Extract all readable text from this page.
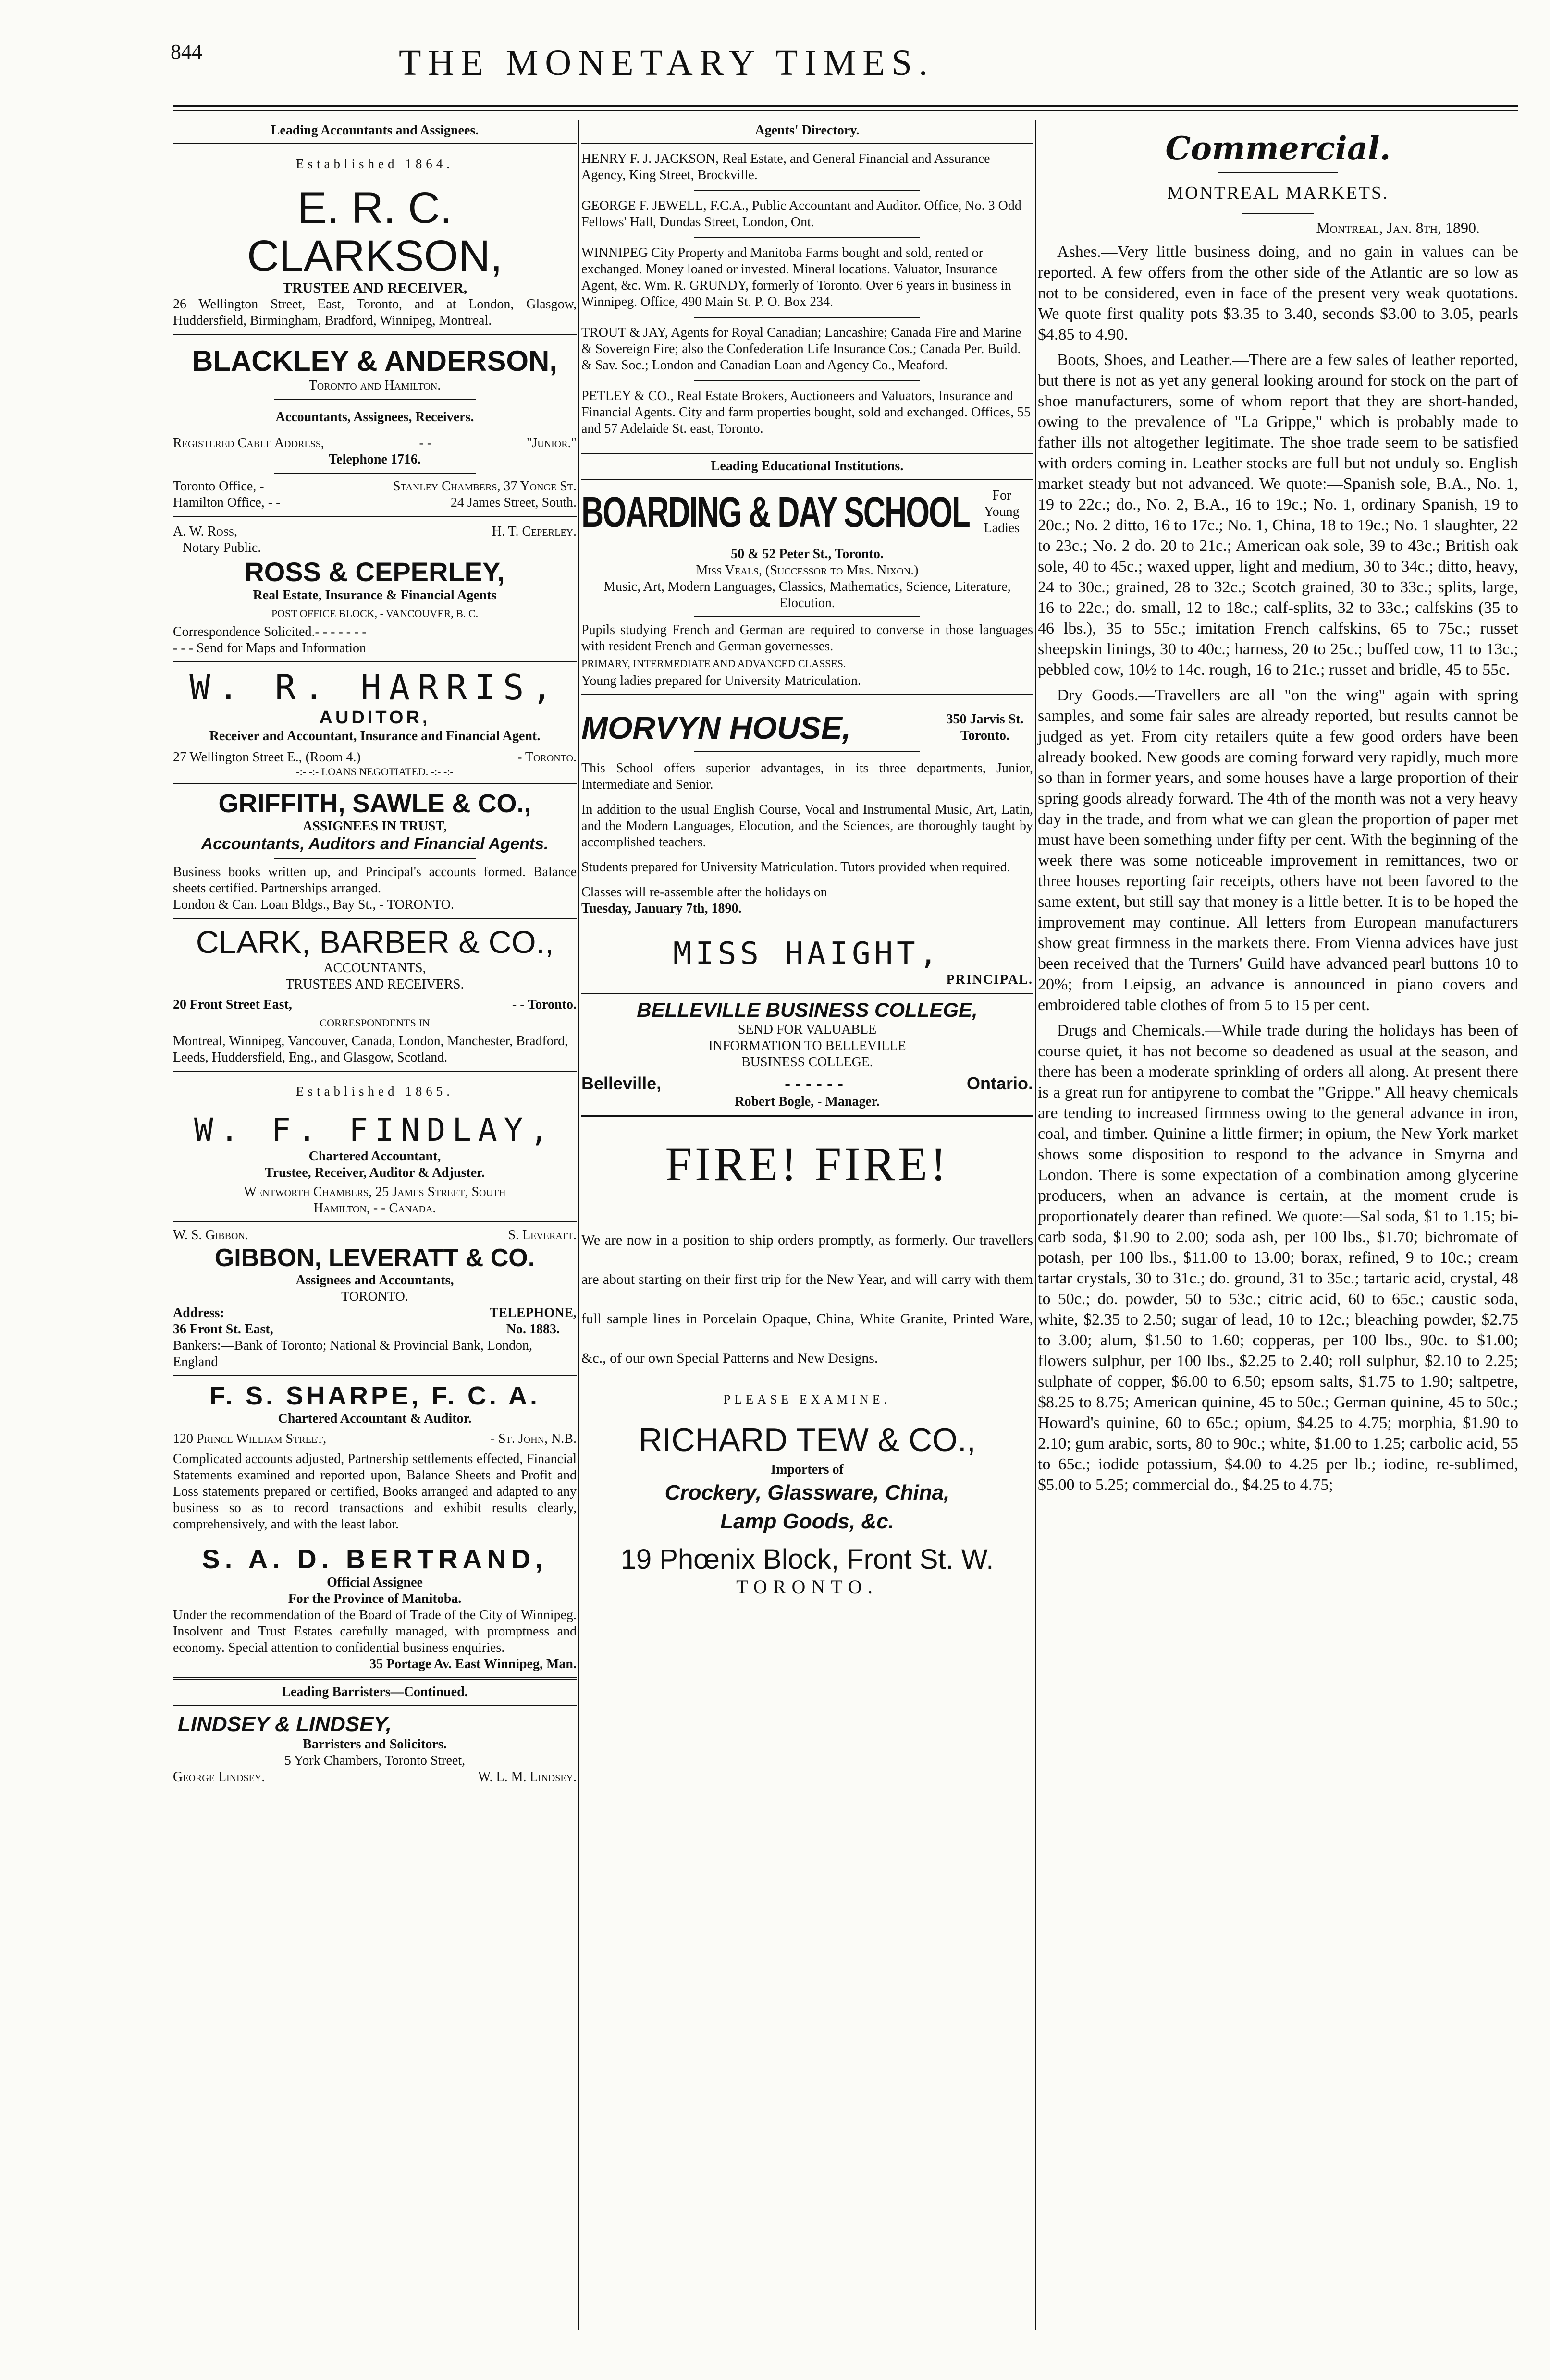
844	THE MONETARY TIMES.
Leading Accountants and Assignees.
Established 1864.
E. R. C. CLARKSON,
TRUSTEE AND RECEIVER,

26 Wellington Street, East, Toronto, and at London, Glasgow, Huddersfield, Birmingham, Bradford, Winnipeg, Montreal.

BLACKLEY & ANDERSON,
Toronto and Hamilton.
Accountants, Assignees, Receivers.
Registered Cable Address,	- -	"Junior."
Telephone 1716.
Toronto Office, -	Stanley Chambers, 37 Yonge St.
Hamilton Office, - -	24 James Street, South.
A. W. Ross,	H. T. Ceperley.
Notary Public.
ROSS & CEPERLEY,
Real Estate, Insurance & Financial Agents
POST OFFICE BLOCK, - VANCOUVER, B. C.
Correspondence Solicited.- - - - - - -
- - - Send for Maps and Information
W. R. HARRIS,
AUDITOR,
Receiver and Accountant, Insurance and Financial Agent.
27 Wellington Street E., (Room 4.)	- Toronto.
-:- -:- LOANS NEGOTIATED. -:- -:-
GRIFFITH, SAWLE & CO.,
ASSIGNEES IN TRUST,
Accountants, Auditors and Financial Agents.

Business books written up, and Principal's accounts formed. Balance sheets certified. Partnerships arranged.

London & Can. Loan Bldgs., Bay St., - TORONTO.
CLARK, BARBER & CO.,
ACCOUNTANTS,
TRUSTEES AND RECEIVERS.
20 Front Street East,	- - Toronto.
CORRESPONDENTS IN

Montreal, Winnipeg, Vancouver, Canada, London, Manchester, Bradford, Leeds, Huddersfield, Eng., and Glasgow, Scotland.

Established 1865.
W. F. FINDLAY,
Chartered Accountant,
Trustee, Receiver, Auditor & Adjuster.
Wentworth Chambers, 25 James Street, South
Hamilton, - - Canada.
W. S. Gibbon.	S. Leveratt.
GIBBON, LEVERATT & CO.
Assignees and Accountants,
TORONTO.
Address:
36 Front St. East,
TELEPHONE,
No. 1883.

Bankers:—Bank of Toronto; National & Provincial Bank, London, England

F. S. SHARPE, F. C. A.
Chartered Accountant & Auditor.
120 Prince William Street,	- St. John, N.B.

Complicated accounts adjusted, Partnership settlements effected, Financial Statements examined and reported upon, Balance Sheets and Profit and Loss statements prepared or certified, Books arranged and adapted to any business so as to record transactions and exhibit results clearly, comprehensively, and with the least labor.

S. A. D. BERTRAND,
Official Assignee
For the Province of Manitoba.

Under the recommendation of the Board of Trade of the City of Winnipeg. Insolvent and Trust Estates carefully managed, with promptness and economy. Special attention to confidential business enquiries.

35 Portage Av. East Winnipeg, Man.
Leading Barristers—Continued.
LINDSEY & LINDSEY,
Barristers and Solicitors.
5 York Chambers, Toronto Street,
George Lindsey.	W. L. M. Lindsey.
Agents' Directory.

HENRY F. J. JACKSON, Real Estate, and General Financial and Assurance Agency, King Street, Brockville.

GEORGE F. JEWELL, F.C.A., Public Accountant and Auditor. Office, No. 3 Odd Fellows' Hall, Dundas Street, London, Ont.

WINNIPEG City Property and Manitoba Farms bought and sold, rented or exchanged. Money loaned or invested. Mineral locations. Valuator, Insurance Agent, &c. Wm. R. GRUNDY, formerly of Toronto. Over 6 years in business in Winnipeg. Office, 490 Main St. P. O. Box 234.

TROUT & JAY, Agents for Royal Canadian; Lancashire; Canada Fire and Marine & Sovereign Fire; also the Confederation Life Insurance Cos.; Canada Per. Build. & Sav. Soc.; London and Canadian Loan and Agency Co., Meaford.

PETLEY & CO., Real Estate Brokers, Auctioneers and Valuators, Insurance and Financial Agents. City and farm properties bought, sold and exchanged. Offices, 55 and 57 Adelaide St. east, Toronto.

Leading Educational Institutions.
BOARDING & DAY SCHOOL	For Young Ladies
50 & 52 Peter St., Toronto.
Miss Veals, (Successor to Mrs. Nixon.)

Music, Art, Modern Languages, Classics, Mathematics, Science, Literature, Elocution.

Pupils studying French and German are required to converse in those languages with resident French and German governesses.

PRIMARY, INTERMEDIATE AND ADVANCED CLASSES.

Young ladies prepared for University Matriculation.

MORVYN HOUSE,	350 Jarvis St. Toronto.

This School offers superior advantages, in its three departments, Junior, Intermediate and Senior.

In addition to the usual English Course, Vocal and Instrumental Music, Art, Latin, and the Modern Languages, Elocution, and the Sciences, are thoroughly taught by accomplished teachers.

Students prepared for University Matriculation. Tutors provided when required.

Classes will re-assemble after the holidays on

Tuesday, January 7th, 1890.

MISS HAIGHT,
PRINCIPAL.
BELLEVILLE BUSINESS COLLEGE,
SEND FOR VALUABLE
INFORMATION TO BELLEVILLE
BUSINESS COLLEGE.
Belleville,	- - - - - -	Ontario.
Robert Bogle, - Manager.
FIRE! FIRE!

We are now in a position to ship orders promptly, as formerly. Our travellers are about starting on their first trip for the New Year, and will carry with them full sample lines in Porcelain Opaque, China, White Granite, Printed Ware, &c., of our own Special Patterns and New Designs.

PLEASE EXAMINE.
RICHARD TEW & CO.,
Importers of
Crockery, Glassware, China,
Lamp Goods, &c.
19 Phœnix Block, Front St. W.
TORONTO.
Commercial.
MONTREAL MARKETS.
Montreal, Jan. 8th, 1890.

Ashes.—Very little business doing, and no gain in values can be reported. A few offers from the other side of the Atlantic are so low as not to be considered, even in face of the present very weak quotations. We quote first quality pots $3.35 to 3.40, seconds $3.00 to 3.05, pearls $4.85 to 4.90.

Boots, Shoes, and Leather.—There are a few sales of leather reported, but there is not as yet any general looking around for stock on the part of shoe manufacturers, some of whom report that they are short-handed, owing to the prevalence of "La Grippe," which is probably made to father ills not altogether legitimate. The shoe trade seem to be satisfied with orders coming in. Leather stocks are full but not unduly so. English market steady but not advanced. We quote:—Spanish sole, B.A., No. 1, 19 to 22c.; do., No. 2, B.A., 16 to 19c.; No. 1, ordinary Spanish, 19 to 20c.; No. 2 ditto, 16 to 17c.; No. 1, China, 18 to 19c.; No. 1 slaughter, 22 to 23c.; No. 2 do. 20 to 21c.; American oak sole, 39 to 43c.; British oak sole, 40 to 45c.; waxed upper, light and medium, 30 to 34c.; ditto, heavy, 24 to 30c.; grained, 28 to 32c.; Scotch grained, 30 to 33c.; splits, large, 16 to 22c.; do. small, 12 to 18c.; calf-splits, 32 to 33c.; calfskins (35 to 46 lbs.), 35 to 55c.; imitation French calfskins, 65 to 75c.; russet sheepskin linings, 30 to 40c.; harness, 20 to 25c.; buffed cow, 11 to 13c.; pebbled cow, 10½ to 14c. rough, 16 to 21c.; russet and bridle, 45 to 55c.

Dry Goods.—Travellers are all "on the wing" again with spring samples, and some fair sales are already reported, but results cannot be judged as yet. From city retailers quite a few good orders have been already booked. New goods are coming forward very rapidly, much more so than in former years, and some houses have a large proportion of their spring goods already forward. The 4th of the month was not a very heavy day in the trade, and from what we can glean the proportion of paper met must have been something under fifty per cent. With the beginning of the week there was some noticeable improvement in remittances, two or three houses reporting fair receipts, others have not been favored to the same extent, but still say that money is a little better. It is to be hoped the improvement may continue. All letters from European manufacturers show great firmness in the markets there. From Vienna advices have just been received that the Turners' Guild have advanced pearl buttons 10 to 20%; from Leipsig, an advance is announced in piano covers and embroidered table clothes of from 5 to 15 per cent.

Drugs and Chemicals.—While trade during the holidays has been of course quiet, it has not become so deadened as usual at the season, and there has been a moderate sprinkling of orders all along. At present there is a great run for antipyrene to combat the "Grippe." All heavy chemicals are tending to increased firmness owing to the general advance in iron, coal, and timber. Quinine a little firmer; in opium, the New York market shows some disposition to respond to the advance in Smyrna and London. There is some expectation of a combination among glycerine producers, when an advance is certain, at the moment crude is proportionately dearer than refined. We quote:—Sal soda, $1 to 1.15; bi-carb soda, $1.90 to 2.00; soda ash, per 100 lbs., $1.70; bichromate of potash, per 100 lbs., $11.00 to 13.00; borax, refined, 9 to 10c.; cream tartar crystals, 30 to 31c.; do. ground, 31 to 35c.; tartaric acid, crystal, 48 to 50c.; do. powder, 50 to 53c.; citric acid, 60 to 65c.; caustic soda, white, $2.35 to 2.50; sugar of lead, 10 to 12c.; bleaching powder, $2.75 to 3.00; alum, $1.50 to 1.60; copperas, per 100 lbs., 90c. to $1.00; flowers sulphur, per 100 lbs., $2.25 to 2.40; roll sulphur, $2.10 to 2.25; sulphate of copper, $6.00 to 6.50; epsom salts, $1.75 to 1.90; saltpetre, $8.25 to 8.75; American quinine, 45 to 50c.; German quinine, 45 to 50c.; Howard's quinine, 60 to 65c.; opium, $4.25 to 4.75; morphia, $1.90 to 2.10; gum arabic, sorts, 80 to 90c.; white, $1.00 to 1.25; carbolic acid, 55 to 65c.; iodide potassium, $4.00 to 4.25 per lb.; iodine, re-sublimed, $5.00 to 5.25; commercial do., $4.25 to 4.75;
